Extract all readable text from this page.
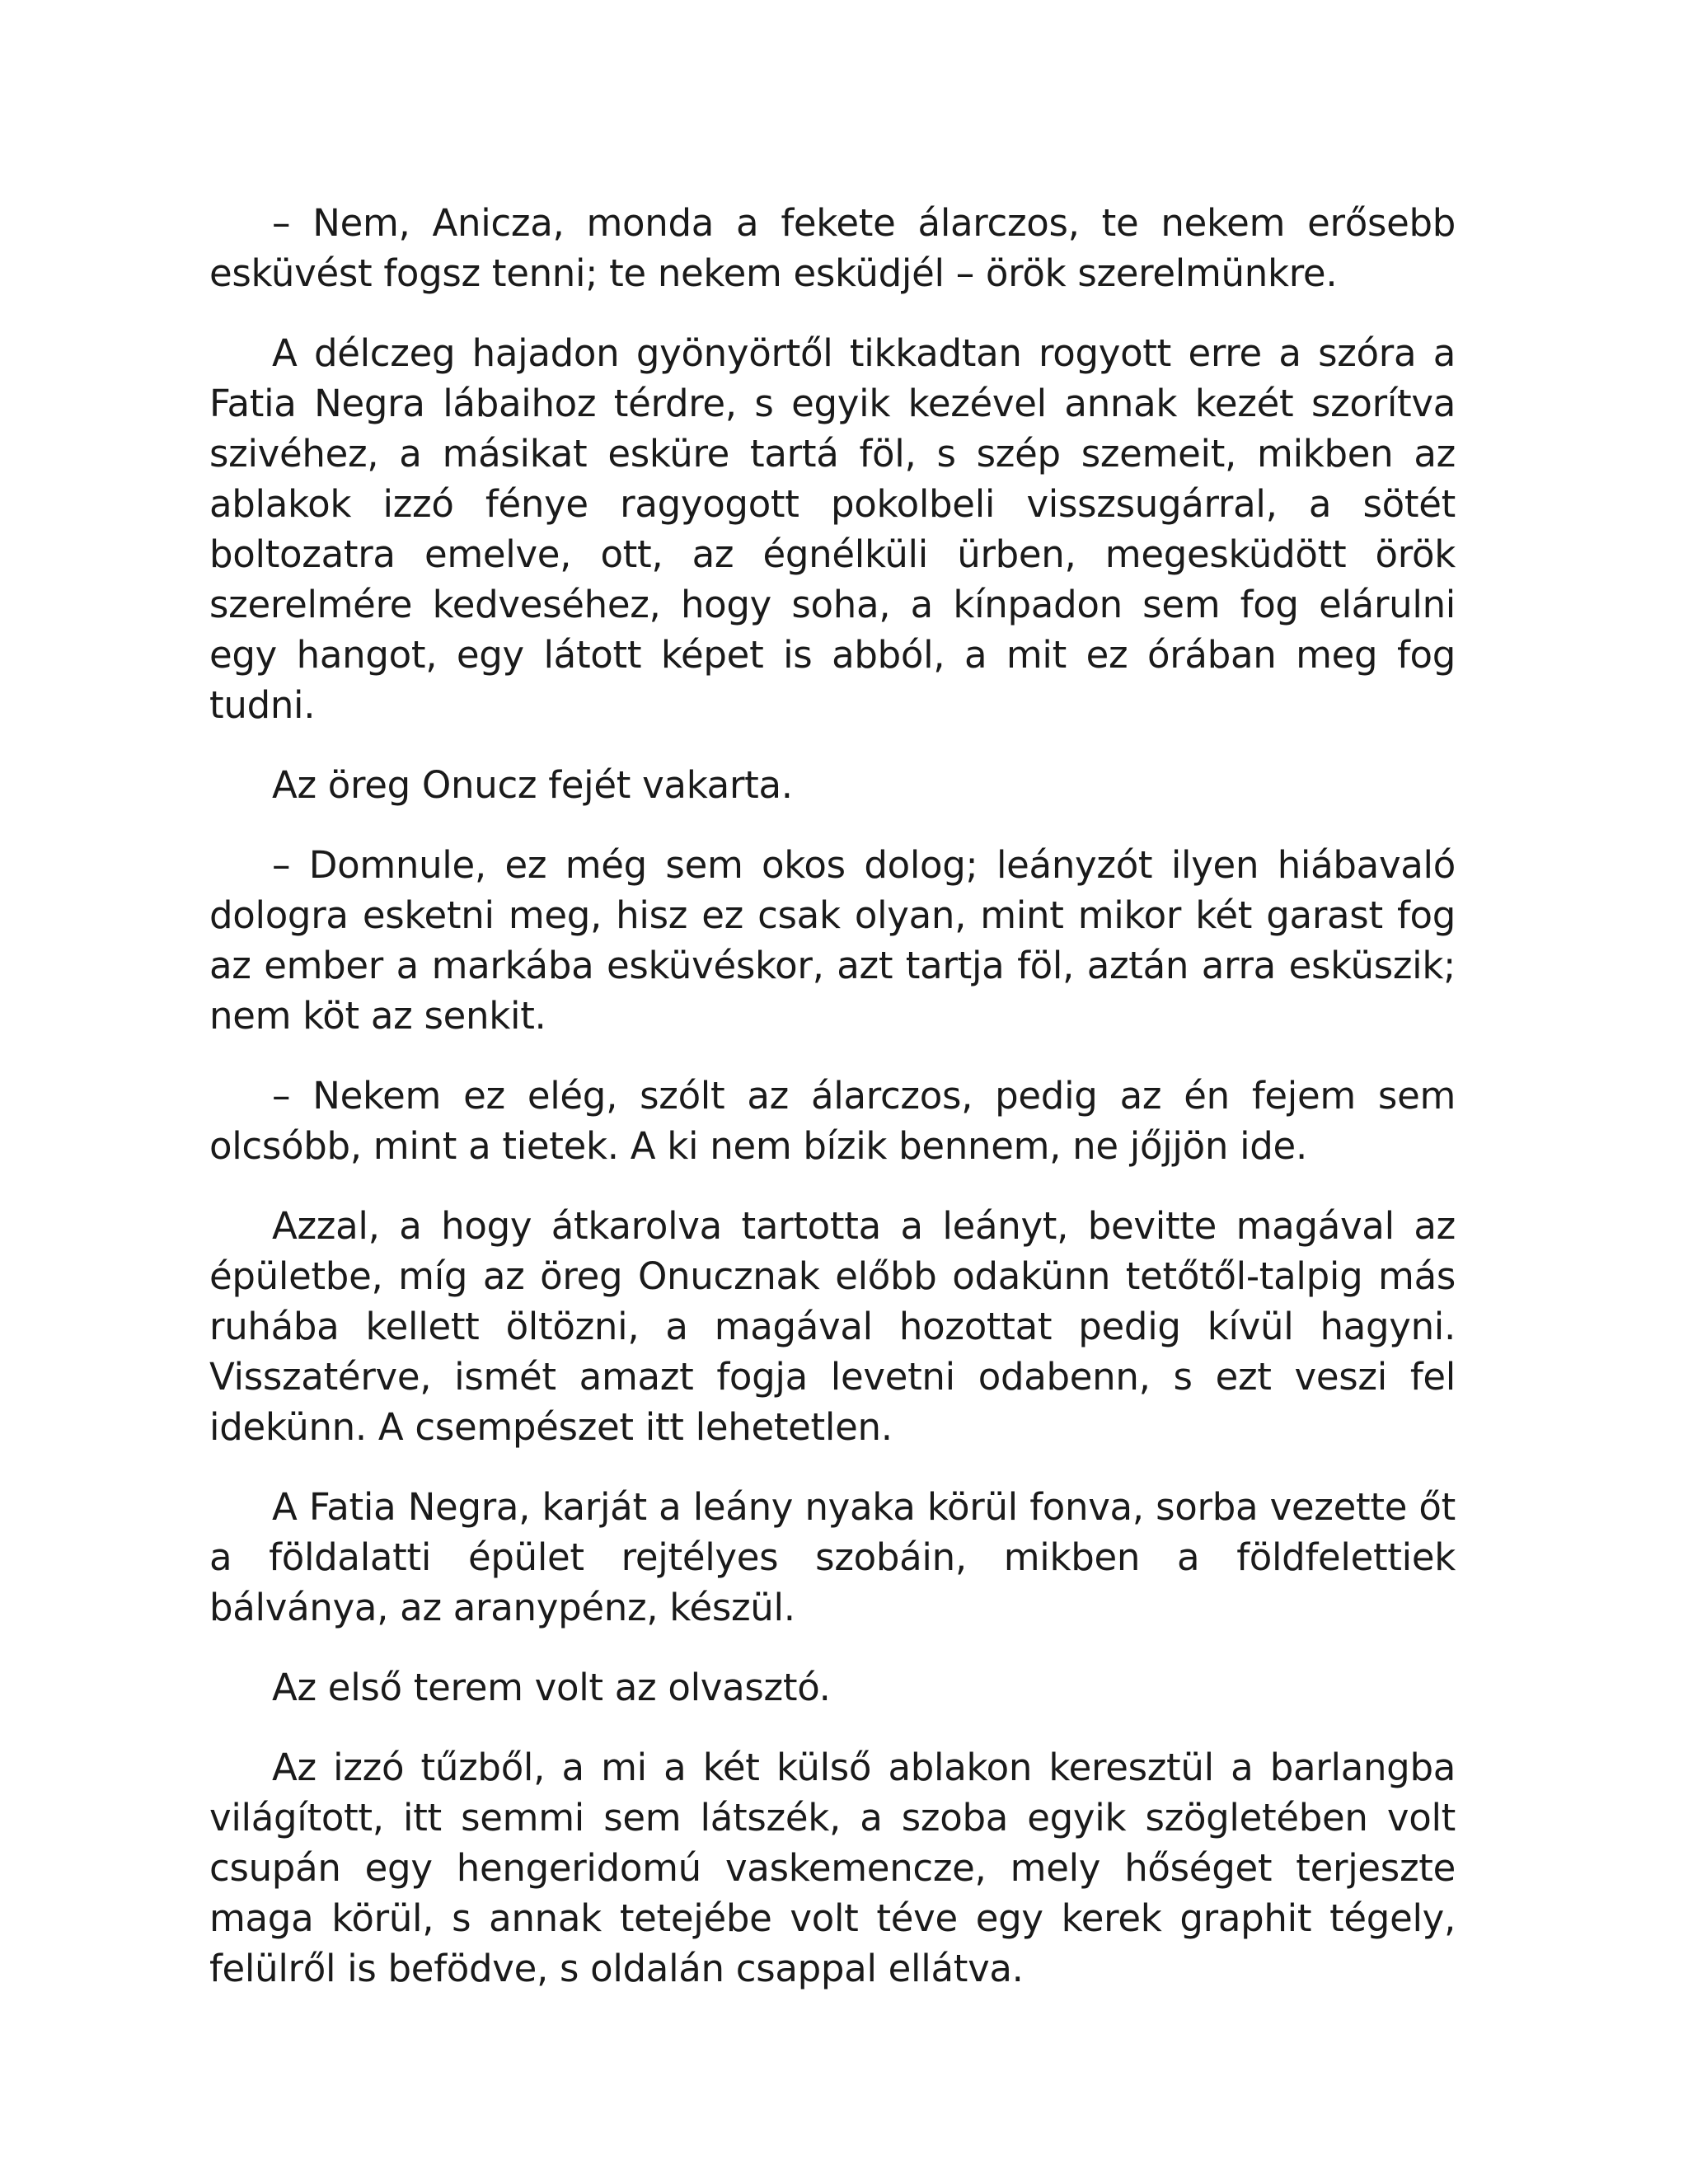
– Nem, Anicza, monda a fekete álarczos, te nekem erősebb esküvést fogsz tenni; te nekem esküdjél – örök szerelmünkre.

A délczeg hajadon gyönyörtől tikkadtan rogyott erre a szóra a Fatia Negra lábaihoz térdre, s egyik kezével annak kezét szorítva szivéhez, a másikat esküre tartá föl, s szép szemeit, mikben az ablakok izzó fénye ragyogott pokolbeli visszsugárral, a sötét boltozatra emelve, ott, az égnélküli ürben, megesküdött örök szerelmére kedveséhez, hogy soha, a kínpadon sem fog elárulni egy hangot, egy látott képet is abból, a mit ez órában meg fog tudni.

Az öreg Onucz fejét vakarta.

– Domnule, ez még sem okos dolog; leányzót ilyen hiábavaló dologra esketni meg, hisz ez csak olyan, mint mikor két garast fog az ember a markába esküvéskor, azt tartja föl, aztán arra esküszik; nem köt az senkit.

– Nekem ez elég, szólt az álarczos, pedig az én fejem sem olcsóbb, mint a tietek. A ki nem bízik bennem, ne jőjjön ide.

Azzal, a hogy átkarolva tartotta a leányt, bevitte magával az épületbe, míg az öreg Onucznak előbb odakünn tetőtől-talpig más ruhába kellett öltözni, a magával hozottat pedig kívül hagyni. Visszatérve, ismét amazt fogja levetni odabenn, s ezt veszi fel idekünn. A csempészet itt lehetetlen.

A Fatia Negra, karját a leány nyaka körül fonva, sorba vezette őt a földalatti épület rejtélyes szobáin, mikben a földfelettiek bálványa, az aranypénz, készül.

Az első terem volt az olvasztó.

Az izzó tűzből, a mi a két külső ablakon keresztül a barlangba világított, itt semmi sem látszék, a szoba egyik szögletében volt csupán egy hengeridomú vaskemencze, mely hőséget terjeszte maga körül, s annak tetejébe volt téve egy kerek graphit tégely, felülről is befödve, s oldalán csappal ellátva.
